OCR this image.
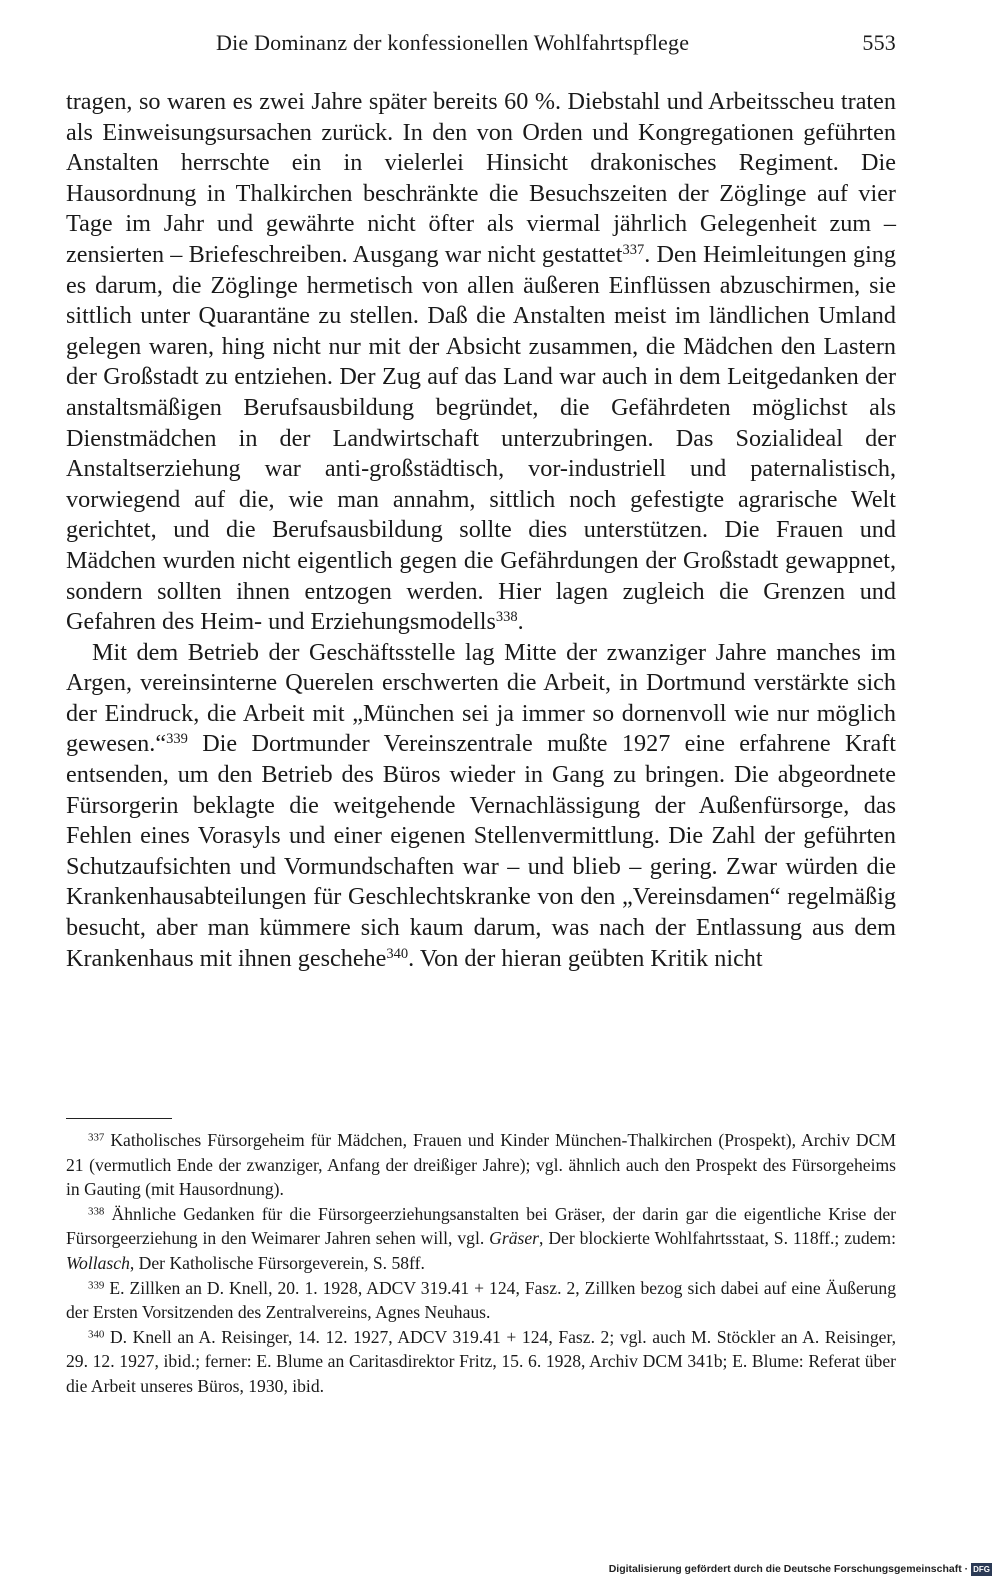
Die Dominanz der konfessionellen Wohlfahrtspflege	553

tragen, so waren es zwei Jahre später bereits 60 %. Diebstahl und Arbeitsscheu traten als Einweisungsursachen zurück. In den von Orden und Kongregationen geführten Anstalten herrschte ein in vielerlei Hinsicht drakonisches Regiment. Die Hausordnung in Thalkirchen beschränkte die Besuchszeiten der Zöglinge auf vier Tage im Jahr und gewährte nicht öfter als viermal jährlich Gelegenheit zum – zensierten – Briefeschreiben. Ausgang war nicht gestattet$^{337}$. Den Heimleitungen ging es darum, die Zöglinge hermetisch von allen äußeren Einflüssen abzuschirmen, sie sittlich unter Quarantäne zu stellen. Daß die Anstalten meist im ländlichen Umland gelegen waren, hing nicht nur mit der Absicht zusammen, die Mädchen den Lastern der Großstadt zu entziehen. Der Zug auf das Land war auch in dem Leitgedanken der anstaltsmäßigen Berufsausbildung begründet, die Gefährdeten möglichst als Dienstmädchen in der Landwirtschaft unterzubringen. Das Sozialideal der Anstaltserziehung war anti-großstädtisch, vor-industriell und paternalistisch, vorwiegend auf die, wie man annahm, sittlich noch gefestigte agrarische Welt gerichtet, und die Berufsausbildung sollte dies unterstützen. Die Frauen und Mädchen wurden nicht eigentlich gegen die Gefährdungen der Großstadt gewappnet, sondern sollten ihnen entzogen werden. Hier lagen zugleich die Grenzen und Gefahren des Heim- und Erziehungsmodells$^{338}$.

Mit dem Betrieb der Geschäftsstelle lag Mitte der zwanziger Jahre manches im Argen, vereinsinterne Querelen erschwerten die Arbeit, in Dortmund verstärkte sich der Eindruck, die Arbeit mit „München sei ja immer so dornenvoll wie nur möglich gewesen.“$^{339}$ Die Dortmunder Vereinszentrale mußte 1927 eine erfahrene Kraft entsenden, um den Betrieb des Büros wieder in Gang zu bringen. Die abgeordnete Fürsorgerin beklagte die weitgehende Vernachlässigung der Außenfürsorge, das Fehlen eines Vorasyls und einer eigenen Stellenvermittlung. Die Zahl der geführten Schutzaufsichten und Vormundschaften war – und blieb – gering. Zwar würden die Krankenhausabteilungen für Geschlechtskranke von den „Vereinsdamen“ regelmäßig besucht, aber man kümmere sich kaum darum, was nach der Entlassung aus dem Krankenhaus mit ihnen geschehe$^{340}$. Von der hieran geübten Kritik nicht

$^{337}$ Katholisches Fürsorgeheim für Mädchen, Frauen und Kinder München-Thalkirchen (Prospekt), Archiv DCM 21 (vermutlich Ende der zwanziger, Anfang der dreißiger Jahre); vgl. ähnlich auch den Prospekt des Fürsorgeheims in Gauting (mit Hausordnung).

$^{338}$ Ähnliche Gedanken für die Fürsorgeerziehungsanstalten bei Gräser, der darin gar die eigentliche Krise der Fürsorgeerziehung in den Weimarer Jahren sehen will, vgl. Gräser, Der blockierte Wohlfahrtsstaat, S. 118ff.; zudem: Wollasch, Der Katholische Fürsorgeverein, S. 58ff.

$^{339}$ E. Zillken an D. Knell, 20. 1. 1928, ADCV 319.41 + 124, Fasz. 2, Zillken bezog sich dabei auf eine Äußerung der Ersten Vorsitzenden des Zentralvereins, Agnes Neuhaus.

$^{340}$ D. Knell an A. Reisinger, 14. 12. 1927, ADCV 319.41 + 124, Fasz. 2; vgl. auch M. Stöckler an A. Reisinger, 29. 12. 1927, ibid.; ferner: E. Blume an Caritasdirektor Fritz, 15. 6. 1928, Archiv DCM 341b; E. Blume: Referat über die Arbeit unseres Büros, 1930, ibid.

Digitalisierung gefördert durch die Deutsche Forschungsgemeinschaft · DFG
